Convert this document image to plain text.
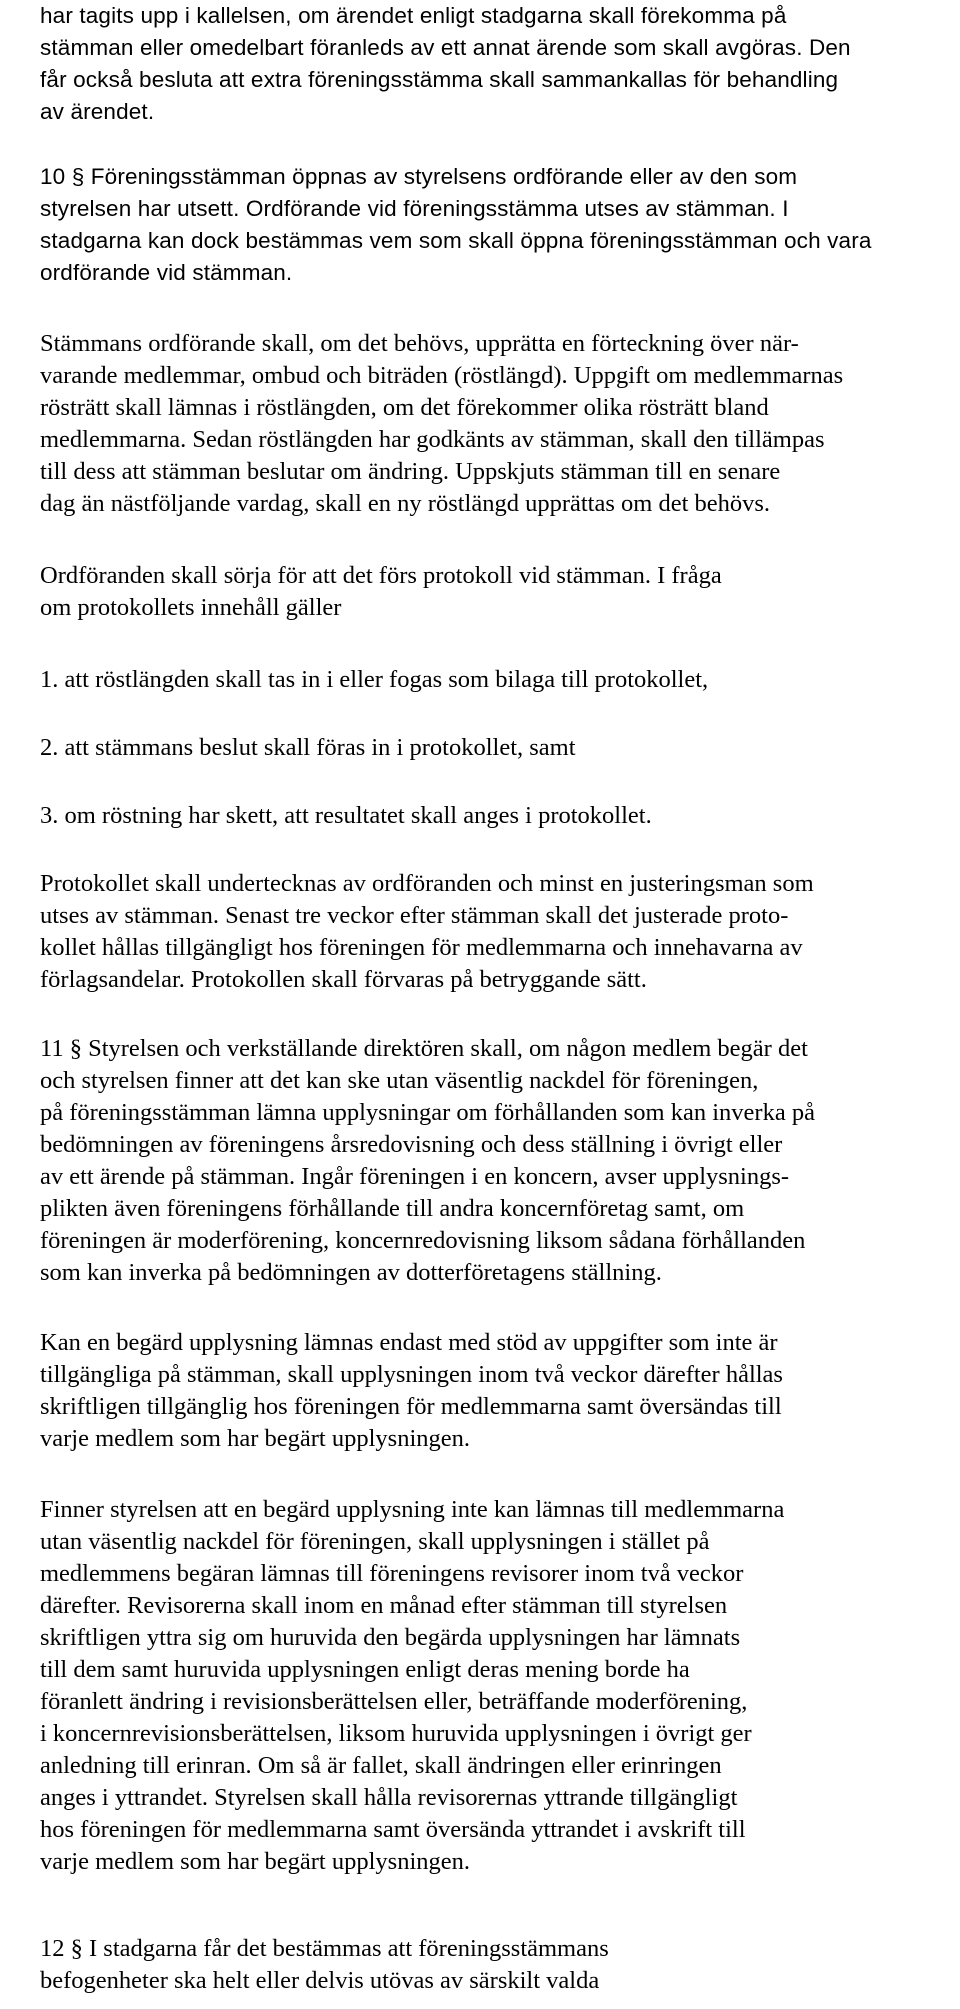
har tagits upp i kallelsen, om ärendet enligt stadgarna skall förekomma på
stämman eller omedelbart föranleds av ett annat ärende som skall avgöras. Den
får också besluta att extra föreningsstämma skall sammankallas för behandling
av ärendet.
10 § Föreningsstämman öppnas av styrelsens ordförande eller av den som
styrelsen har utsett. Ordförande vid föreningsstämma utses av stämman. I
stadgarna kan dock bestämmas vem som skall öppna föreningsstämman och vara
ordförande vid stämman.
Stämmans ordförande skall, om det behövs, upprätta en förteckning över när-
varande medlemmar, ombud och biträden (röstlängd). Uppgift om medlemmarnas
rösträtt skall lämnas i röstlängden, om det förekommer olika rösträtt bland
medlemmarna. Sedan röstlängden har godkänts av stämman, skall den tillämpas
till dess att stämman beslutar om ändring. Uppskjuts stämman till en senare
dag än nästföljande vardag, skall en ny röstlängd upprättas om det behövs.
Ordföranden skall sörja för att det förs protokoll vid stämman. I fråga
om protokollets innehåll gäller
1. att röstlängden skall tas in i eller fogas som bilaga till protokollet,
2. att stämmans beslut skall föras in i protokollet, samt
3. om röstning har skett, att resultatet skall anges i protokollet.
Protokollet skall undertecknas av ordföranden och minst en justeringsman som
utses av stämman. Senast tre veckor efter stämman skall det justerade proto-
kollet hållas tillgängligt hos föreningen för medlemmarna och innehavarna av
förlagsandelar. Protokollen skall förvaras på betryggande sätt.
11 § Styrelsen och verkställande direktören skall, om någon medlem begär det
och styrelsen finner att det kan ske utan väsentlig nackdel för föreningen,
på föreningsstämman lämna upplysningar om förhållanden som kan inverka på
bedömningen av föreningens årsredovisning och dess ställning i övrigt eller
av ett ärende på stämman. Ingår föreningen i en koncern, avser upplysnings-
plikten även föreningens förhållande till andra koncernföretag samt, om
föreningen är moderförening, koncernredovisning liksom sådana förhållanden
som kan inverka på bedömningen av dotterföretagens ställning.
Kan en begärd upplysning lämnas endast med stöd av uppgifter som inte är
tillgängliga på stämman, skall upplysningen inom två veckor därefter hållas
skriftligen tillgänglig hos föreningen för medlemmarna samt översändas till
varje medlem som har begärt upplysningen.
Finner styrelsen att en begärd upplysning inte kan lämnas till medlemmarna
utan väsentlig nackdel för föreningen, skall upplysningen i stället på
medlemmens begäran lämnas till föreningens revisorer inom två veckor
därefter. Revisorerna skall inom en månad efter stämman till styrelsen
skriftligen yttra sig om huruvida den begärda upplysningen har lämnats
till dem samt huruvida upplysningen enligt deras mening borde ha
föranlett ändring i revisionsberättelsen eller, beträffande moderförening,
i koncernrevisionsberättelsen, liksom huruvida upplysningen i övrigt ger
anledning till erinran. Om så är fallet, skall ändringen eller erinringen
anges i yttrandet. Styrelsen skall hålla revisorernas yttrande tillgängligt
hos föreningen för medlemmarna samt översända yttrandet i avskrift till
varje medlem som har begärt upplysningen.
12 § I stadgarna får det bestämmas att föreningsstämmans
befogenheter ska helt eller delvis utövas av särskilt valda
